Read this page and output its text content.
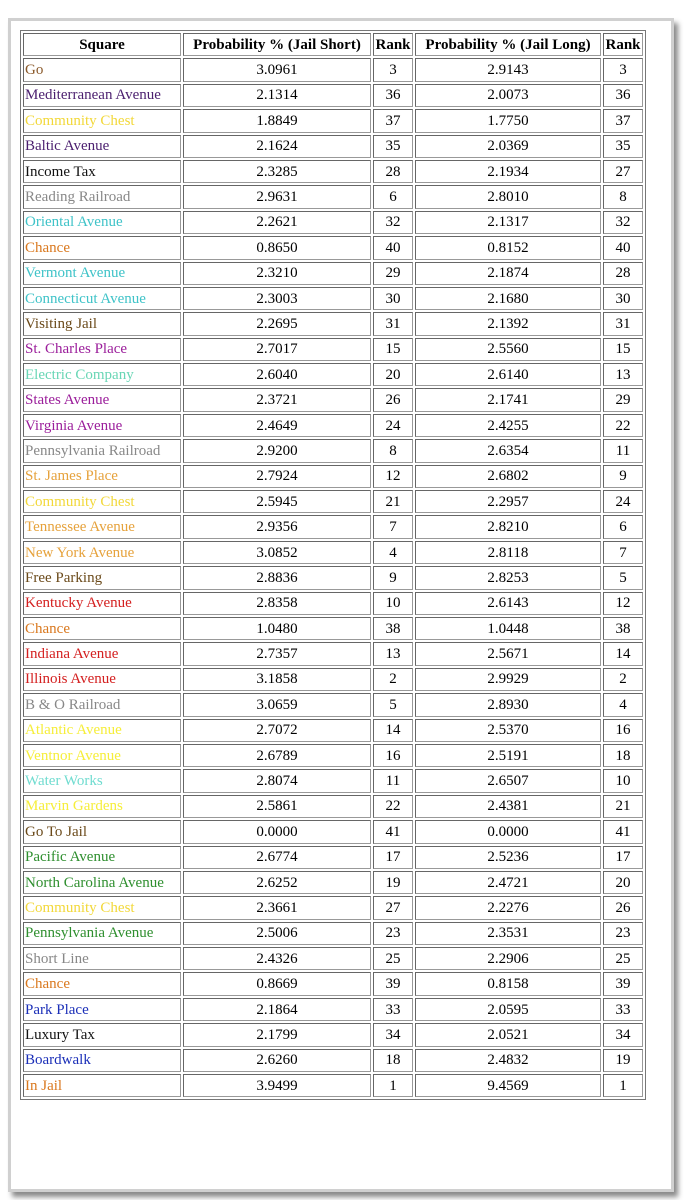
Square	Probability % (Jail Short)	Rank	Probability % (Jail Long)	Rank
Go	3.0961	3	2.9143	3
Mediterranean Avenue	2.1314	36	2.0073	36
Community Chest	1.8849	37	1.7750	37
Baltic Avenue	2.1624	35	2.0369	35
Income Tax	2.3285	28	2.1934	27
Reading Railroad	2.9631	6	2.8010	8
Oriental Avenue	2.2621	32	2.1317	32
Chance	0.8650	40	0.8152	40
Vermont Avenue	2.3210	29	2.1874	28
Connecticut Avenue	2.3003	30	2.1680	30
Visiting Jail	2.2695	31	2.1392	31
St. Charles Place	2.7017	15	2.5560	15
Electric Company	2.6040	20	2.6140	13
States Avenue	2.3721	26	2.1741	29
Virginia Avenue	2.4649	24	2.4255	22
Pennsylvania Railroad	2.9200	8	2.6354	11
St. James Place	2.7924	12	2.6802	9
Community Chest	2.5945	21	2.2957	24
Tennessee Avenue	2.9356	7	2.8210	6
New York Avenue	3.0852	4	2.8118	7
Free Parking	2.8836	9	2.8253	5
Kentucky Avenue	2.8358	10	2.6143	12
Chance	1.0480	38	1.0448	38
Indiana Avenue	2.7357	13	2.5671	14
Illinois Avenue	3.1858	2	2.9929	2
B & O Railroad	3.0659	5	2.8930	4
Atlantic Avenue	2.7072	14	2.5370	16
Ventnor Avenue	2.6789	16	2.5191	18
Water Works	2.8074	11	2.6507	10
Marvin Gardens	2.5861	22	2.4381	21
Go To Jail	0.0000	41	0.0000	41
Pacific Avenue	2.6774	17	2.5236	17
North Carolina Avenue	2.6252	19	2.4721	20
Community Chest	2.3661	27	2.2276	26
Pennsylvania Avenue	2.5006	23	2.3531	23
Short Line	2.4326	25	2.2906	25
Chance	0.8669	39	0.8158	39
Park Place	2.1864	33	2.0595	33
Luxury Tax	2.1799	34	2.0521	34
Boardwalk	2.6260	18	2.4832	19
In Jail	3.9499	1	9.4569	1
